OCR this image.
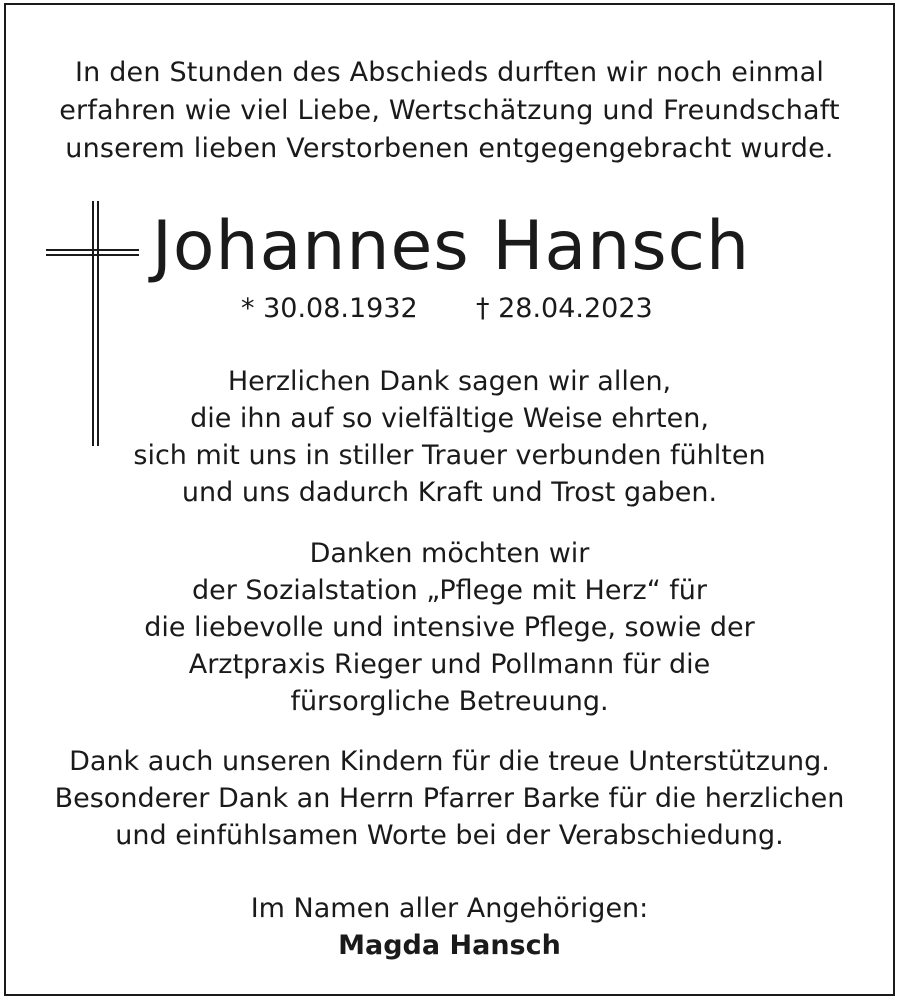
In den Stunden des Abschieds durften wir noch einmal
erfahren wie viel Liebe, Wertschätzung und Freundschaft
unserem lieben Verstorbenen entgegengebracht wurde.
Johannes Hansch
* 30.08.1932 † 28.04.2023
Herzlichen Dank sagen wir allen,
die ihn auf so vielfältige Weise ehrten,
sich mit uns in stiller Trauer verbunden fühlten
und uns dadurch Kraft und Trost gaben.
Danken möchten wir
der Sozialstation „Pflege mit Herz“ für
die liebevolle und intensive Pflege, sowie der
Arztpraxis Rieger und Pollmann für die
fürsorgliche Betreuung.
Dank auch unseren Kindern für die treue Unterstützung.
Besonderer Dank an Herrn Pfarrer Barke für die herzlichen
und einfühlsamen Worte bei der Verabschiedung.
Im Namen aller Angehörigen:
Magda Hansch
